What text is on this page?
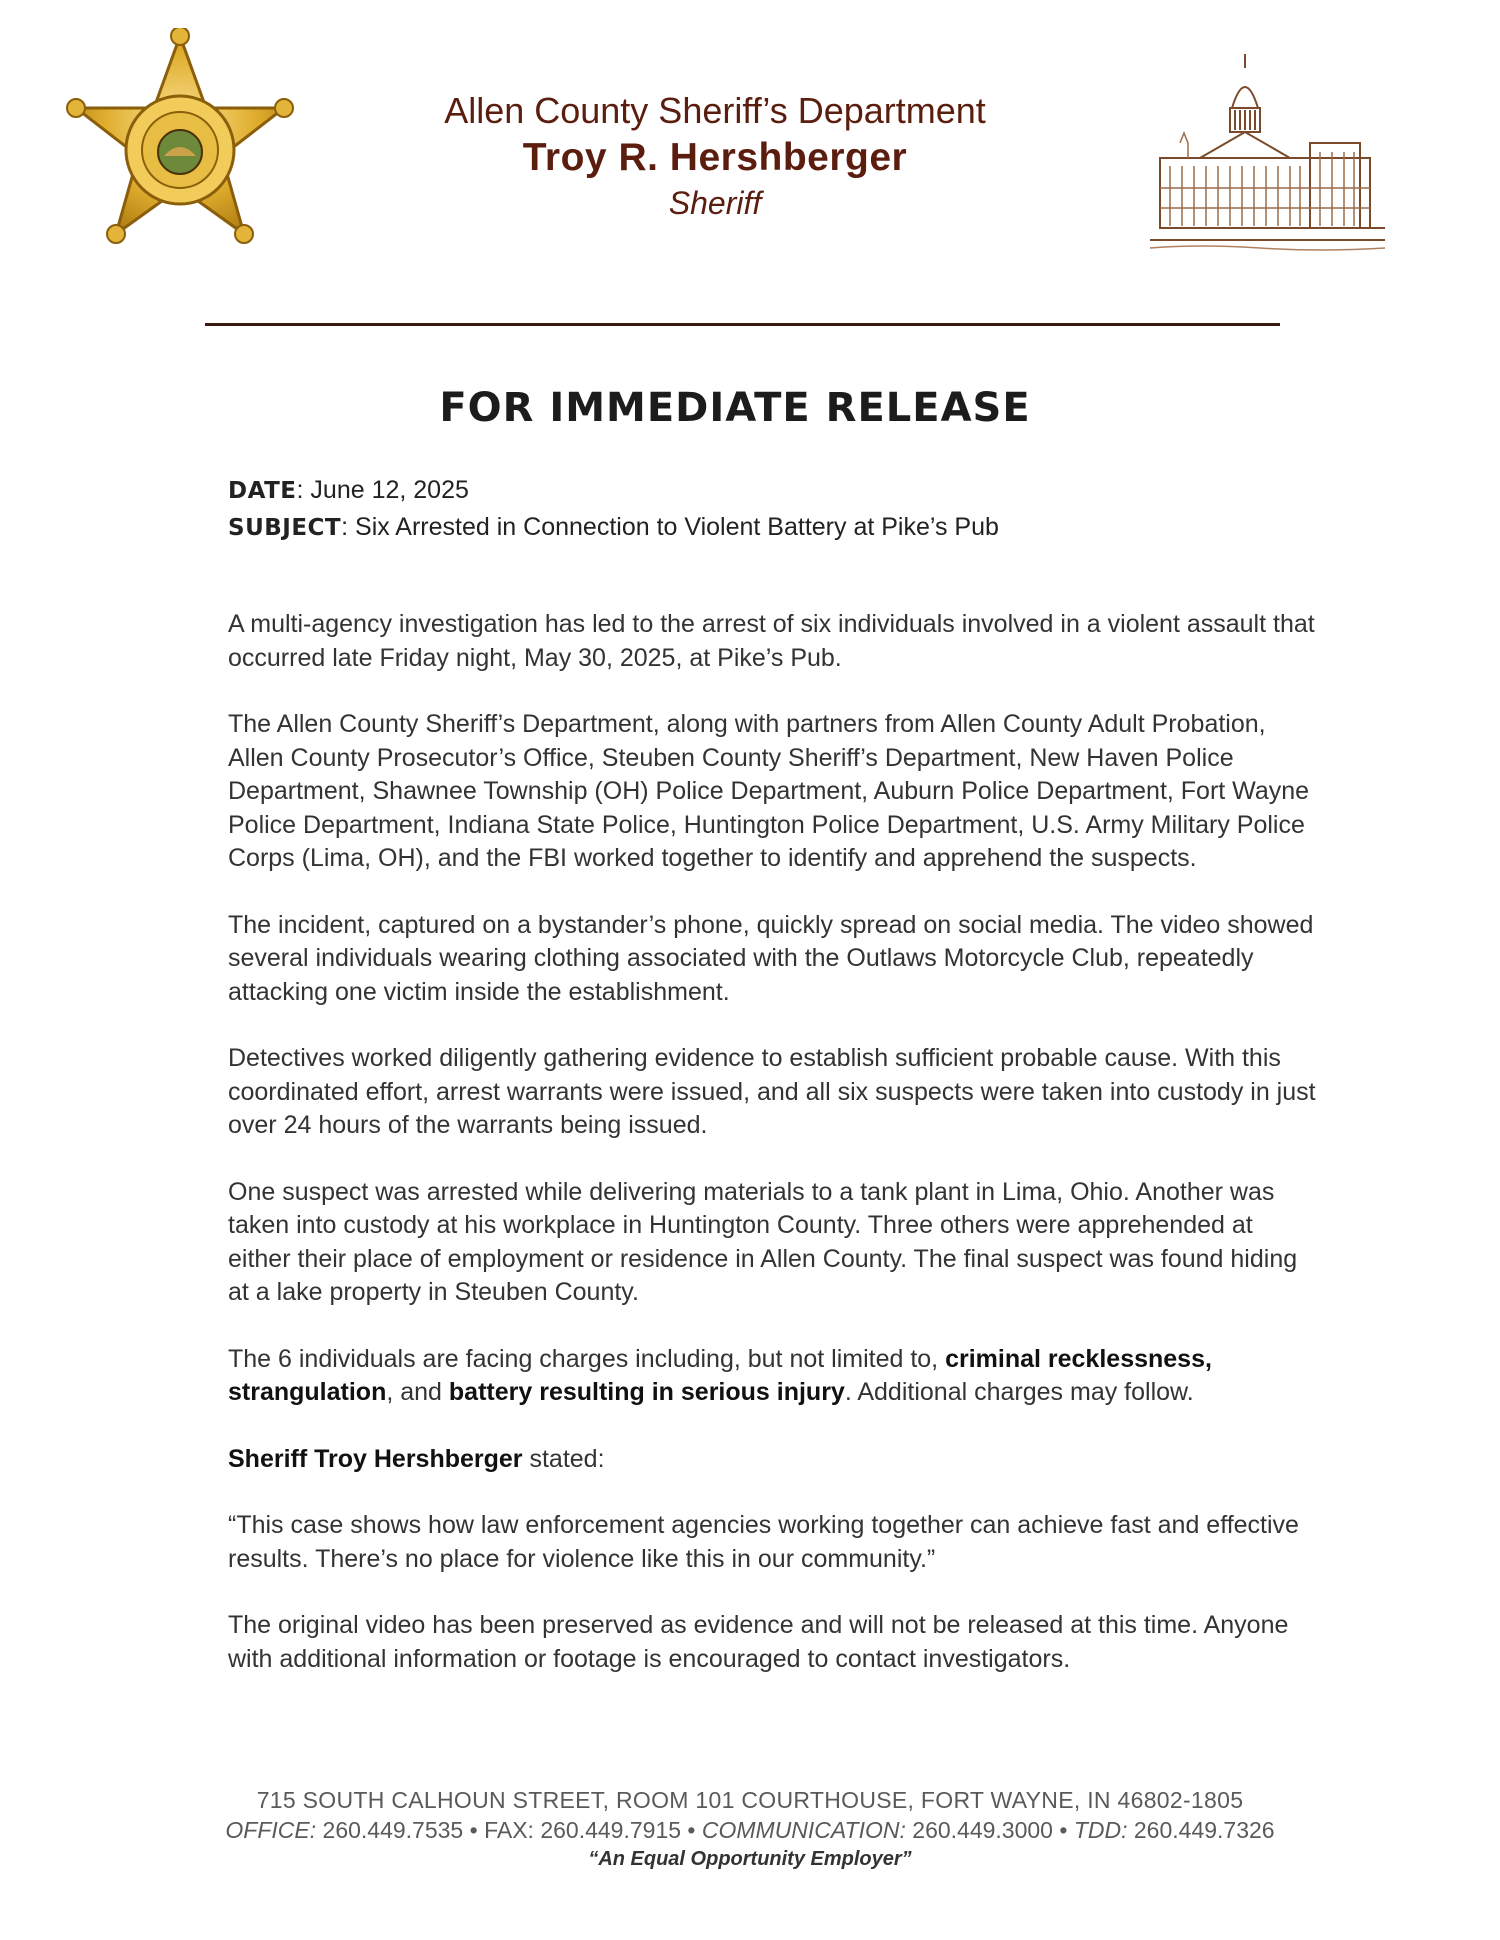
Allen County Sheriff’s Department
Troy R. Hershberger
Sheriff
FOR IMMEDIATE RELEASE
DATE: June 12, 2025
SUBJECT: Six Arrested in Connection to Violent Battery at Pike’s Pub

A multi-agency investigation has led to the arrest of six individuals involved in a violent assault that occurred late Friday night, May 30, 2025, at Pike’s Pub.

The Allen County Sheriff’s Department, along with partners from Allen County Adult Probation, Allen County Prosecutor’s Office, Steuben County Sheriff’s Department, New Haven Police Department, Shawnee Township (OH) Police Department, Auburn Police Department, Fort Wayne Police Department, Indiana State Police, Huntington Police Department, U.S. Army Military Police Corps (Lima, OH), and the FBI worked together to identify and apprehend the suspects.

The incident, captured on a bystander’s phone, quickly spread on social media. The video showed several individuals wearing clothing associated with the Outlaws Motorcycle Club, repeatedly attacking one victim inside the establishment.

Detectives worked diligently gathering evidence to establish sufficient probable cause. With this coordinated effort, arrest warrants were issued, and all six suspects were taken into custody in just over 24 hours of the warrants being issued.

One suspect was arrested while delivering materials to a tank plant in Lima, Ohio. Another was taken into custody at his workplace in Huntington County. Three others were apprehended at either their place of employment or residence in Allen County. The final suspect was found hiding at a lake property in Steuben County.

The 6 individuals are facing charges including, but not limited to, criminal recklessness, strangulation, and battery resulting in serious injury. Additional charges may follow.

Sheriff Troy Hershberger stated:

“This case shows how law enforcement agencies working together can achieve fast and effective results. There’s no place for violence like this in our community.”

The original video has been preserved as evidence and will not be released at this time. Anyone with additional information or footage is encouraged to contact investigators.

715 SOUTH CALHOUN STREET, ROOM 101 COURTHOUSE, FORT WAYNE, IN 46802-1805
OFFICE: 260.449.7535 • FAX: 260.449.7915 • COMMUNICATION: 260.449.3000 • TDD: 260.449.7326
“An Equal Opportunity Employer”
